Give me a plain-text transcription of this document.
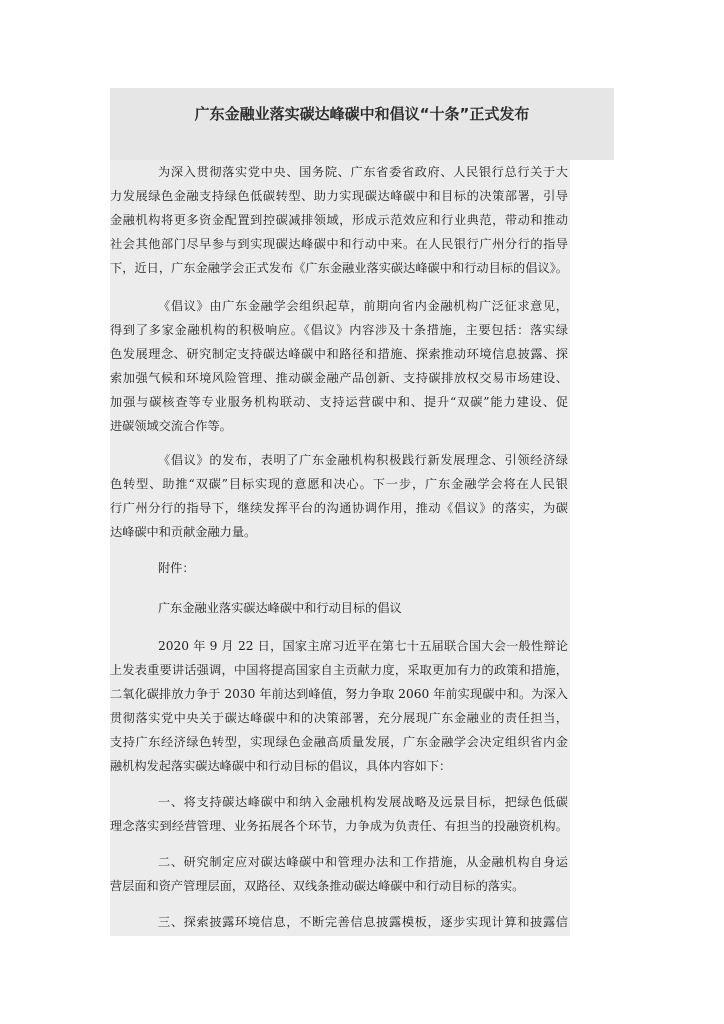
广东金融业落实碳达峰碳中和倡议“十条”正式发布
为深入贯彻落实党中央、国务院、广东省委省政府、人民银行总行关于大
力发展绿色金融支持绿色低碳转型、助力实现碳达峰碳中和目标的决策部署，引导
金融机构将更多资金配置到控碳减排领域，形成示范效应和行业典范，带动和推动
社会其他部门尽早参与到实现碳达峰碳中和行动中来。在人民银行广州分行的指导
下，近日，广东金融学会正式发布《广东金融业落实碳达峰碳中和行动目标的倡议》。
《倡议》由广东金融学会组织起草，前期向省内金融机构广泛征求意见，
得到了多家金融机构的积极响应。《倡议》内容涉及十条措施，主要包括：落实绿
色发展理念、研究制定支持碳达峰碳中和路径和措施、探索推动环境信息披露、探
索加强气候和环境风险管理、推动碳金融产品创新、支持碳排放权交易市场建设、
加强与碳核查等专业服务机构联动、支持运营碳中和、提升“双碳”能力建设、促
进碳领域交流合作等。
《倡议》的发布，表明了广东金融机构积极践行新发展理念、引领经济绿
色转型、助推“双碳”目标实现的意愿和决心。下一步，广东金融学会将在人民银
行广州分行的指导下，继续发挥平台的沟通协调作用，推动《倡议》的落实，为碳
达峰碳中和贡献金融力量。
附件：
广东金融业落实碳达峰碳中和行动目标的倡议
2020 年 9 月 22 日，国家主席习近平在第七十五届联合国大会一般性辩论
上发表重要讲话强调，中国将提高国家自主贡献力度，采取更加有力的政策和措施，
二氧化碳排放力争于 2030 年前达到峰值，努力争取 2060 年前实现碳中和。为深入
贯彻落实党中央关于碳达峰碳中和的决策部署，充分展现广东金融业的责任担当，
支持广东经济绿色转型，实现绿色金融高质量发展，广东金融学会决定组织省内金
融机构发起落实碳达峰碳中和行动目标的倡议，具体内容如下：
一、将支持碳达峰碳中和纳入金融机构发展战略及远景目标，把绿色低碳
理念落实到经营管理、业务拓展各个环节，力争成为负责任、有担当的投融资机构。
二、研究制定应对碳达峰碳中和管理办法和工作措施，从金融机构自身运
营层面和资产管理层面，双路径、双线条推动碳达峰碳中和行动目标的落实。
三、探索披露环境信息，不断完善信息披露模板，逐步实现计算和披露信
